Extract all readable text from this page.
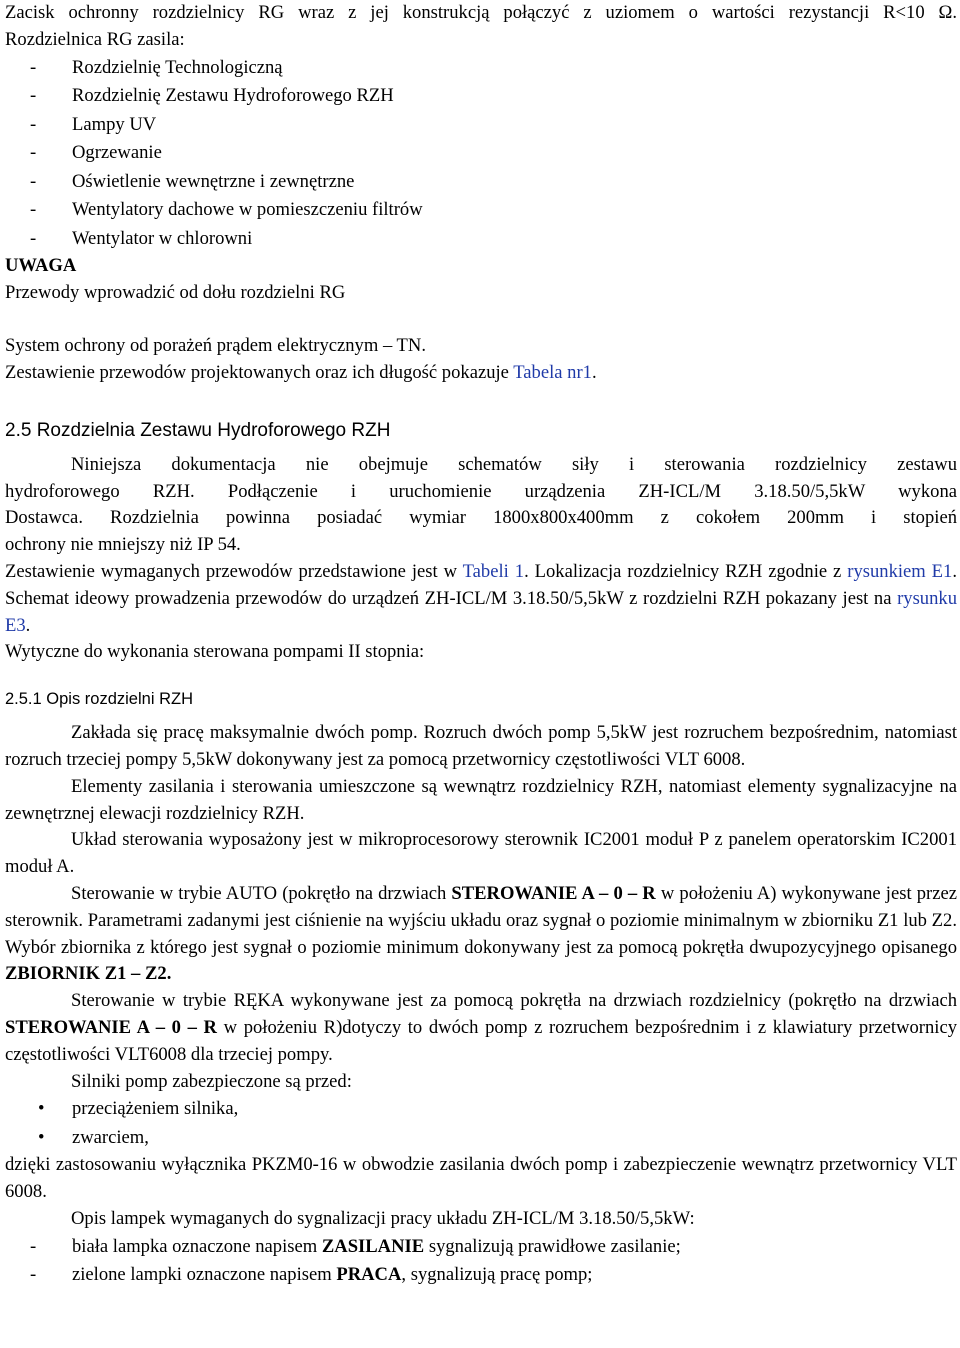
Zacisk ochronny rozdzielnicy RG wraz z jej konstrukcją połączyć z uziomem o wartości rezystancji R<10 Ω.

Rozdzielnica RG zasila:

-	Rozdzielnię Technologiczną
-	Rozdzielnię Zestawu Hydroforowego RZH
-	Lampy UV
-	Ogrzewanie
-	Oświetlenie wewnętrzne i zewnętrzne
-	Wentylatory dachowe w pomieszczeniu filtrów
-	Wentylator w chlorowni

UWAGA

Przewody wprowadzić od dołu rozdzielni RG

System ochrony od porażeń prądem elektrycznym – TN.

Zestawienie przewodów projektowanych oraz ich długość pokazuje Tabela nr1.

2.5 Rozdzielnia Zestawu Hydroforowego RZH

Niniejsza dokumentacja nie obejmuje schematów siły i sterowania rozdzielnicy zestawu

hydroforowego RZH. Podłączenie i uruchomienie urządzenia ZH-ICL/M 3.18.50/5,5kW wykona

Dostawca. Rozdzielnia powinna posiadać wymiar 1800x800x400mm z cokołem 200mm i stopień

ochrony nie mniejszy niż IP 54.

Zestawienie wymaganych przewodów przedstawione jest w Tabeli 1. Lokalizacja rozdzielnicy RZH zgodnie z rysunkiem E1. Schemat ideowy prowadzenia przewodów do urządzeń ZH-ICL/M 3.18.50/5,5kW z rozdzielni RZH pokazany jest na rysunku E3.

Wytyczne do wykonania sterowana pompami II stopnia:

2.5.1 Opis rozdzielni RZH

Zakłada się pracę maksymalnie dwóch pomp. Rozruch dwóch pomp 5,5kW jest rozruchem bezpośrednim, natomiast rozruch trzeciej pompy 5,5kW dokonywany jest za pomocą przetwornicy częstotliwości VLT 6008.

Elementy zasilania i sterowania umieszczone są wewnątrz rozdzielnicy RZH, natomiast elementy sygnalizacyjne na zewnętrznej elewacji rozdzielnicy RZH.

Układ sterowania wyposażony jest w mikroprocesorowy sterownik IC2001 moduł P z panelem operatorskim IC2001 moduł A.

Sterowanie w trybie AUTO (pokrętło na drzwiach STEROWANIE A – 0 – R w położeniu A) wykonywane jest przez sterownik. Parametrami zadanymi jest ciśnienie na wyjściu układu oraz sygnał o poziomie minimalnym w zbiorniku Z1 lub Z2. Wybór zbiornika z którego jest sygnał o poziomie minimum dokonywany jest za pomocą pokrętła dwupozycyjnego opisanego ZBIORNIK Z1 – Z2.

Sterowanie w trybie RĘKA wykonywane jest za pomocą pokrętła na drzwiach rozdzielnicy (pokrętło na drzwiach STEROWANIE A – 0 – R w położeniu R)dotyczy to dwóch pomp z rozruchem bezpośrednim i z klawiatury przetwornicy częstotliwości VLT6008 dla trzeciej pompy.

Silniki pomp zabezpieczone są przed:

•	przeciążeniem silnika,
•	zwarciem,

dzięki zastosowaniu wyłącznika PKZM0-16 w obwodzie zasilania dwóch pomp i zabezpieczenie wewnątrz przetwornicy VLT 6008.

Opis lampek wymaganych do sygnalizacji pracy układu ZH-ICL/M 3.18.50/5,5kW:

-	biała lampka oznaczone napisem ZASILANIE sygnalizują prawidłowe zasilanie;
-	zielone lampki oznaczone napisem PRACA, sygnalizują pracę pomp;
